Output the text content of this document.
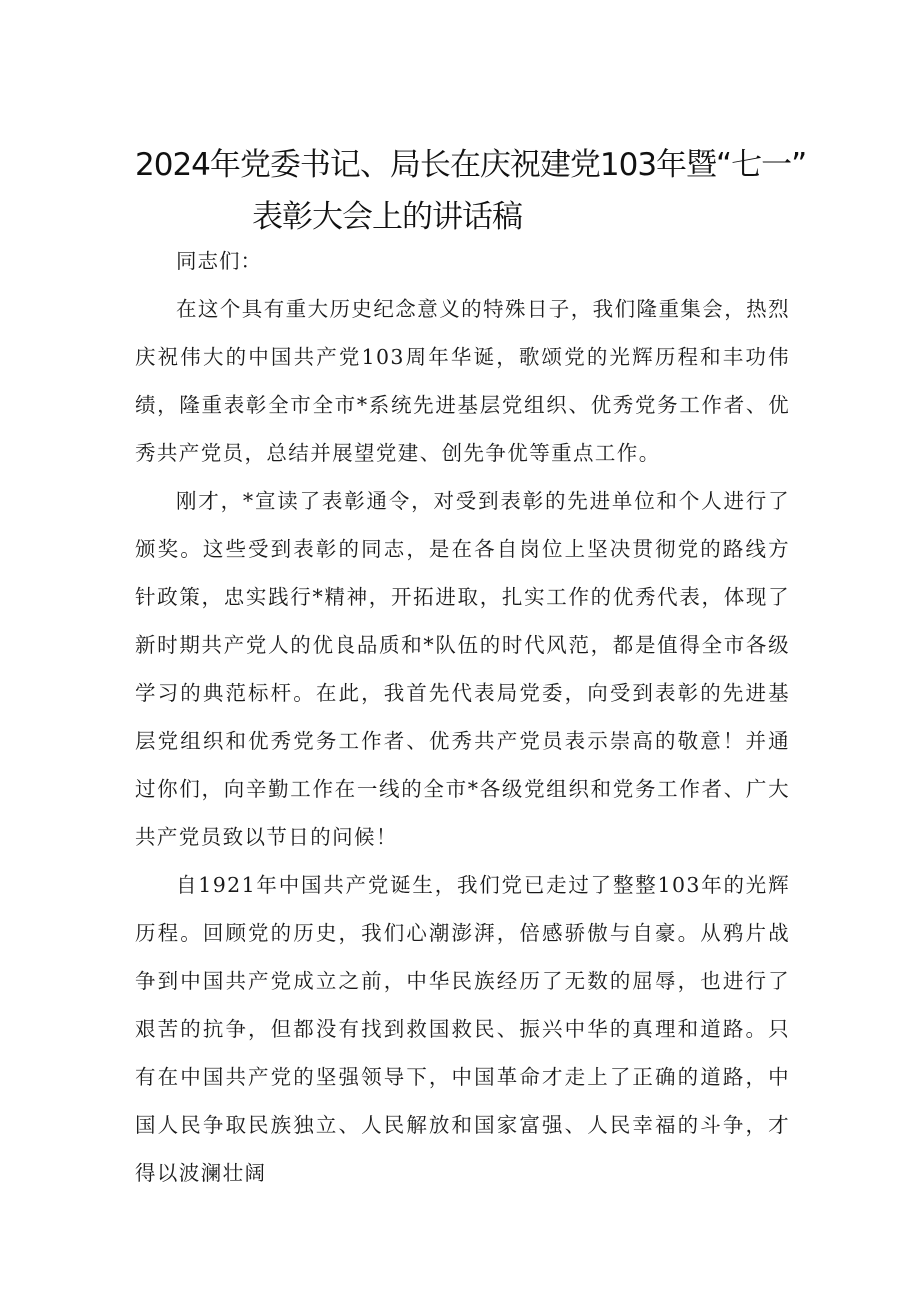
2024年党委书记、局长在庆祝建党103年暨“七一”
表彰大会上的讲话稿

同志们：

在这个具有重大历史纪念意义的特殊日子，我们隆重集会，热烈庆祝伟大的中国共产党103周年华诞，歌颂党的光辉历程和丰功伟绩，隆重表彰全市全市*系统先进基层党组织、优秀党务工作者、优秀共产党员，总结并展望党建、创先争优等重点工作。

刚才，*宣读了表彰通令，对受到表彰的先进单位和个人进行了颁奖。这些受到表彰的同志，是在各自岗位上坚决贯彻党的路线方针政策，忠实践行*精神，开拓进取，扎实工作的优秀代表，体现了新时期共产党人的优良品质和*队伍的时代风范，都是值得全市各级学习的典范标杆。在此，我首先代表局党委，向受到表彰的先进基层党组织和优秀党务工作者、优秀共产党员表示崇高的敬意！并通过你们，向辛勤工作在一线的全市*各级党组织和党务工作者、广大共产党员致以节日的问候！

自1921年中国共产党诞生，我们党已走过了整整103年的光辉历程。回顾党的历史，我们心潮澎湃，倍感骄傲与自豪。从鸦片战争到中国共产党成立之前，中华民族经历了无数的屈辱，也进行了艰苦的抗争，但都没有找到救国救民、振兴中华的真理和道路。只有在中国共产党的坚强领导下，中国革命才走上了正确的道路，中国人民争取民族独立、人民解放和国家富强、人民幸福的斗争，才得以波澜壮阔
